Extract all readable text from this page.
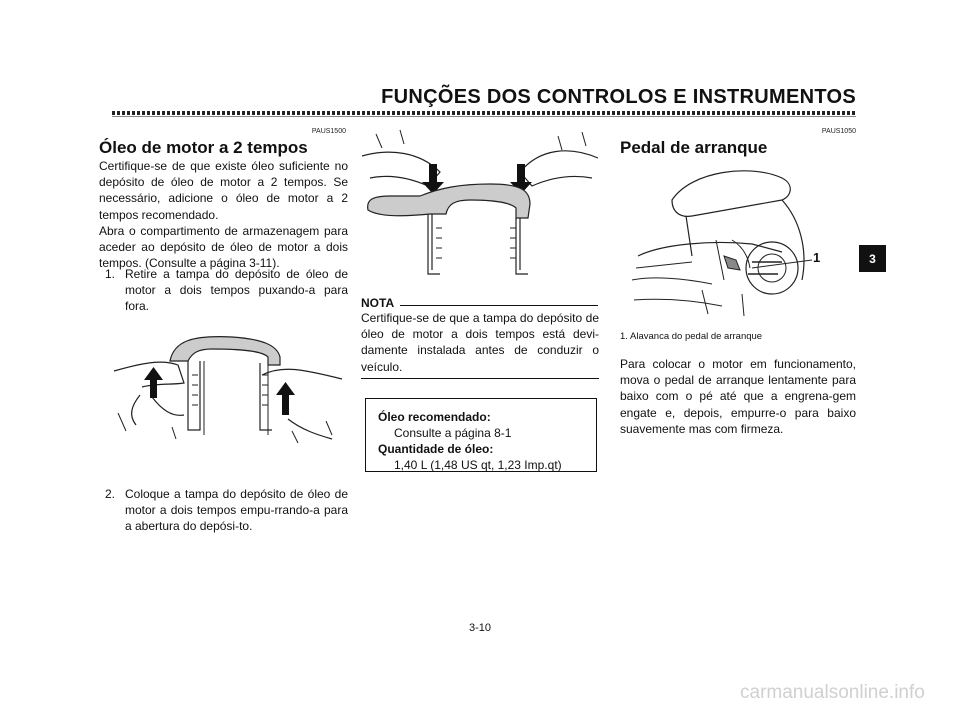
FUNÇÕES DOS CONTROLOS E INSTRUMENTOS
3
PAUS1500
Óleo de motor a 2 tempos

Certifique-se de que existe óleo suficiente no depósito de óleo de motor a 2 tempos. Se necessário, adicione o óleo de motor a 2 tempos recomendado.

Abra o compartimento de armazenagem para aceder ao depósito de óleo de motor a dois tempos. (Consulte a página 3-11).

1. Retire a tampa do depósito de óleo de motor a dois tempos puxando-a para fora.
2. Coloque a tampa do depósito de óleo de motor a dois tempos empu-rrando-a para a abertura do depósi-to.
NOTA
Certifique-se de que a tampa do depósito de óleo de motor a dois tempos está devi-damente instalada antes de conduzir o veículo.
Óleo recomendado:
Consulte a página 8-1
Quantidade de óleo:
1,40 L (1,48 US qt, 1,23 Imp.qt)
PAUS1050
Pedal de arranque
1
1. Alavanca do pedal de arranque
Para colocar o motor em funcionamento, mova o pedal de arranque lentamente para baixo com o pé até que a engrena-gem engate e, depois, empurre-o para baixo suavemente mas com firmeza.
3-10
carmanualsonline.info
